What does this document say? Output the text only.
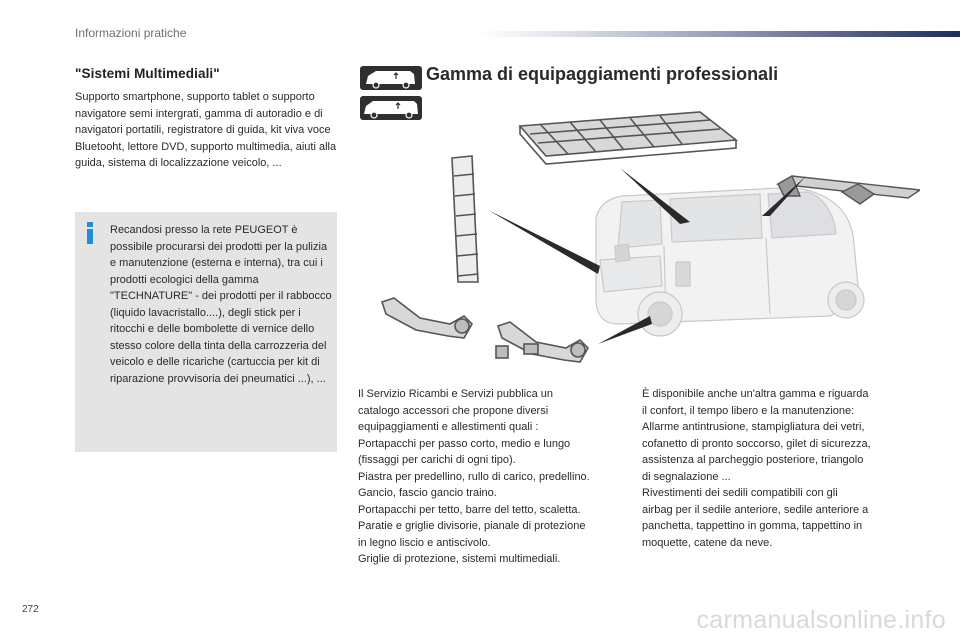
Informazioni pratiche
"Sistemi Multimediali"
Supporto smartphone, supporto tablet o supporto navigatore semi intergrati, gamma di autoradio e di navigatori portatili, registratore di guida, kit viva voce Bluetooht, lettore DVD, supporto multimedia, aiuti alla guida, sistema di localizzazione veicolo, ...
Recandosi presso la rete PEUGEOT è possibile procurarsi dei prodotti per la pulizia e manutenzione (esterna e interna), tra cui i prodotti ecologici della gamma "TECHNATURE" - dei prodotti per il rabbocco (liquido lavacristallo....), degli stick per i ritocchi e delle bombolette di vernice dello stesso colore della tinta della carrozzeria del veicolo e delle ricariche (cartuccia per kit di riparazione provvisoria dei pneumatici ...), ...
Gamma di equipaggiamenti professionali
Il Servizio Ricambi e Servizi pubblica un
catalogo accessori che propone diversi
equipaggiamenti e allestimenti quali :
Portapacchi per passo corto, medio e lungo
(fissaggi per carichi di ogni tipo).
Piastra per predellino, rullo di carico, predellino.
Gancio, fascio gancio traino.
Portapacchi per tetto, barre del tetto, scaletta.
Paratie e griglie divisorie, pianale di protezione
in legno liscio e antiscivolo.
Griglie di protezione, sistemi multimediali.
È disponibile anche un'altra gamma e riguarda
il confort, il tempo libero e la manutenzione:
Allarme antintrusione, stampigliatura dei vetri,
cofanetto di pronto soccorso, gilet di sicurezza,
assistenza al parcheggio posteriore, triangolo
di segnalazione ...
Rivestimenti dei sedili compatibili con gli
airbag per il sedile anteriore, sedile anteriore a
panchetta, tappettino in gomma, tappettino in
moquette, catene da neve.
272	carmanualsonline.info
